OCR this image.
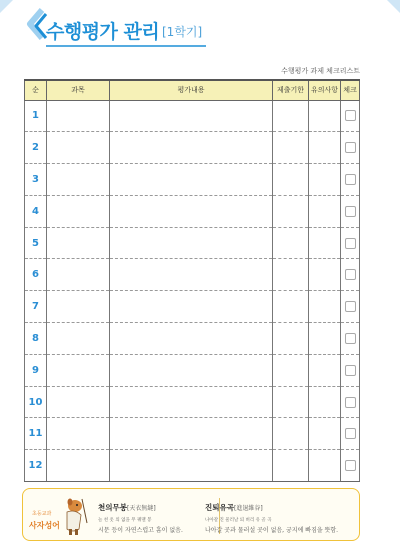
수행평가 관리 [1학기]
수행평가 과제 체크리스트
순	과목	평가내용	제출기한	유의사항	체크
1					
2					
3					
4					
5					
6					
7					
8					
9					
10					
11					
12					
초등교과
사자성어
천의무봉[天衣無縫]
늘 천 옷 의 없을 무 꿰맬 봉
시문 등이 자연스럽고 흠이 없음.
진퇴유곡[進退維谷]
나아갈 진 물러날 퇴 벼리 유 골 곡
나아갈 곳과 물러설 곳이 없음, 궁지에 빠짐을 뜻함.
